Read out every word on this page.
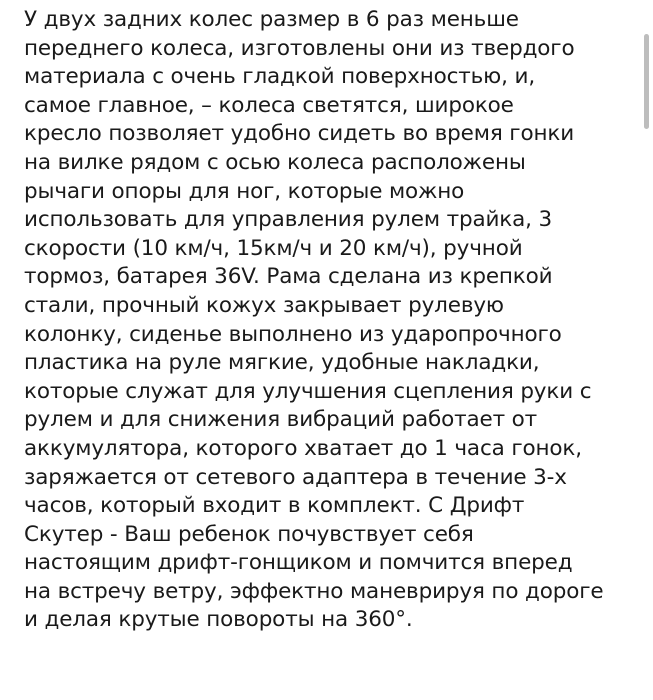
У двух задних колес размер в 6 раз меньше
переднего колеса, изготовлены они из твердого
материала с очень гладкой поверхностью, и,
самое главное, – колеса светятся, широкое
кресло позволяет удобно сидеть во время гонки
на вилке рядом с осью колеса расположены
рычаги опоры для ног, которые можно
использовать для управления рулем трайка, 3
скорости (10 км/ч, 15км/ч и 20 км/ч), ручной
тормоз, батарея 36V. Рама сделана из крепкой
стали, прочный кожух закрывает рулевую
колонку, сиденье выполнено из ударопрочного
пластика на руле мягкие, удобные накладки,
которые служат для улучшения сцепления руки с
рулем и для снижения вибраций работает от
аккумулятора, которого хватает до 1 часа гонок,
заряжается от сетевого адаптера в течение 3-х
часов, который входит в комплект. С Дрифт
Скутер - Ваш ребенок почувствует себя
настоящим дрифт-гонщиком и помчится вперед
на встречу ветру, эффектно маневрируя по дороге
и делая крутые повороты на 360°.
